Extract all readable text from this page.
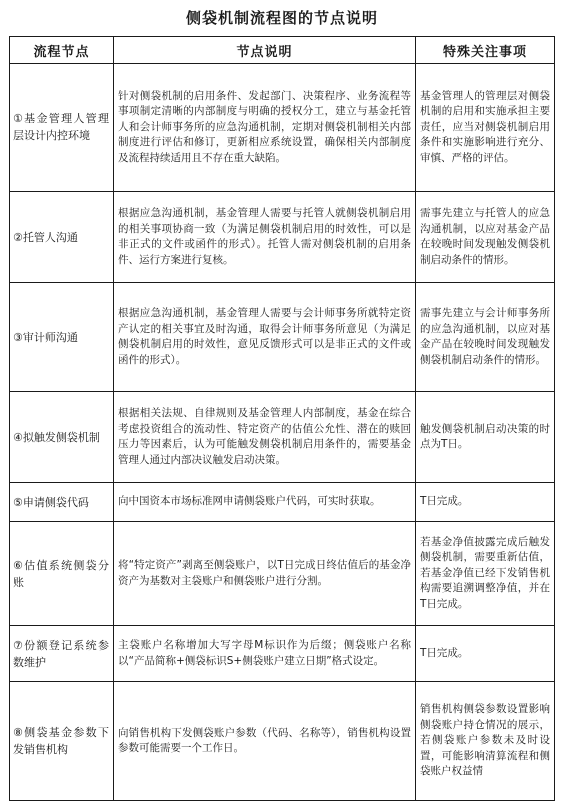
侧袋机制流程图的节点说明
流程节点	节点说明	特殊关注事项
①基金管理人管理层设计内控环境	针对侧袋机制的启用条件、发起部门、决策程序、业务流程等事项制定清晰的内部制度与明确的授权分工，建立与基金托管人和会计师事务所的应急沟通机制，定期对侧袋机制相关内部制度进行评估和修订，更新相应系统设置，确保相关内部制度及流程持续适用且不存在重大缺陷。	基金管理人的管理层对侧袋机制的启用和实施承担主要责任，应当对侧袋机制启用条件和实施影响进行充分、审慎、严格的评估。
②托管人沟通	根据应急沟通机制，基金管理人需要与托管人就侧袋机制启用的相关事项协商一致（为满足侧袋机制启用的时效性，可以是非正式的文件或函件的形式）。托管人需对侧袋机制的启用条件、运行方案进行复核。	需事先建立与托管人的应急沟通机制，以应对基金产品在较晚时间发现触发侧袋机制启动条件的情形。
③审计师沟通	根据应急沟通机制，基金管理人需要与会计师事务所就特定资产认定的相关事宜及时沟通，取得会计师事务所意见（为满足侧袋机制启用的时效性，意见反馈形式可以是非正式的文件或函件的形式）。	需事先建立与会计师事务所的应急沟通机制，以应对基金产品在较晚时间发现触发侧袋机制启动条件的情形。
④拟触发侧袋机制	根据相关法规、自律规则及基金管理人内部制度，基金在综合考虑投资组合的流动性、特定资产的估值公允性、潜在的赎回压力等因素后，认为可能触发侧袋机制启用条件的，需要基金管理人通过内部决议触发启动决策。	触发侧袋机制启动决策的时点为T日。
⑤申请侧袋代码	向中国资本市场标准网申请侧袋账户代码，可实时获取。	T日完成。
⑥估值系统侧袋分账	将“特定资产”剥离至侧袋账户，以T日完成日终估值后的基金净资产为基数对主袋账户和侧袋账户进行分割。	若基金净值披露完成后触发侧袋机制，需要重新估值，若基金净值已经下发销售机构需要追溯调整净值，并在T日完成。
⑦份额登记系统参数维护	主袋账户名称增加大写字母M标识作为后缀；侧袋账户名称以“产品简称+侧袋标识S+侧袋账户建立日期”格式设定。	T日完成。
⑧侧袋基金参数下发销售机构	向销售机构下发侧袋账户参数（代码、名称等），销售机构设置参数可能需要一个工作日。	销售机构侧袋参数设置影响侧袋账户持仓情况的展示，若侧袋账户参数未及时设置，可能影响清算流程和侧袋账户权益情
